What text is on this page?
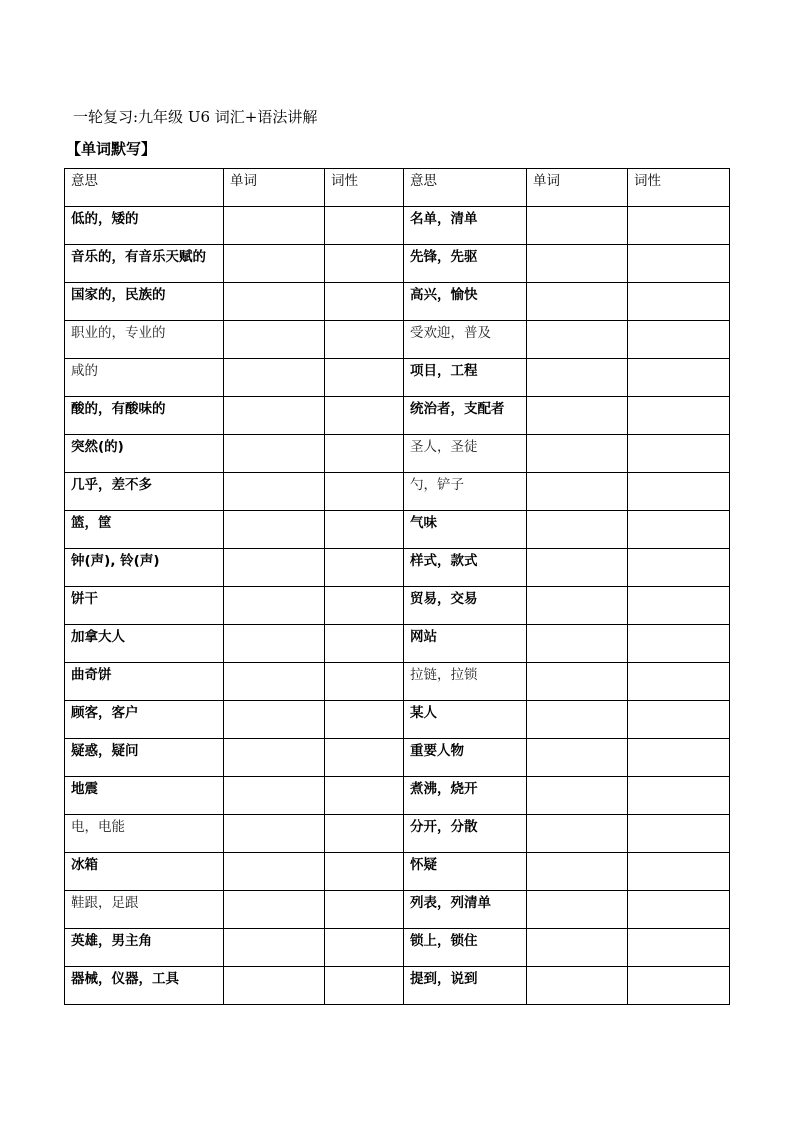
一轮复习:九年级 U6 词汇+语法讲解
【单词默写】
意思	单词	词性	意思	单词	词性

低的，矮的			名单，清单		

音乐的，有音乐天赋的			先锋，先驱		

国家的，民族的			高兴，愉快		

职业的，专业的			受欢迎，普及		

咸的			项目，工程		

酸的，有酸味的			统治者，支配者		

突然(的)			圣人，圣徒		

几乎，差不多			勺，铲子		

篮，筐			气味		

钟(声), 铃(声)			样式，款式		

饼干			贸易，交易		

加拿大人			网站		

曲奇饼			拉链，拉锁		

顾客，客户			某人		

疑惑，疑问			重要人物		

地震			煮沸，烧开		

电，电能			分开，分散		

冰箱			怀疑		

鞋跟，足跟			列表，列清单		

英雄，男主角			锁上，锁住		

器械，仪器，工具			提到，说到		
